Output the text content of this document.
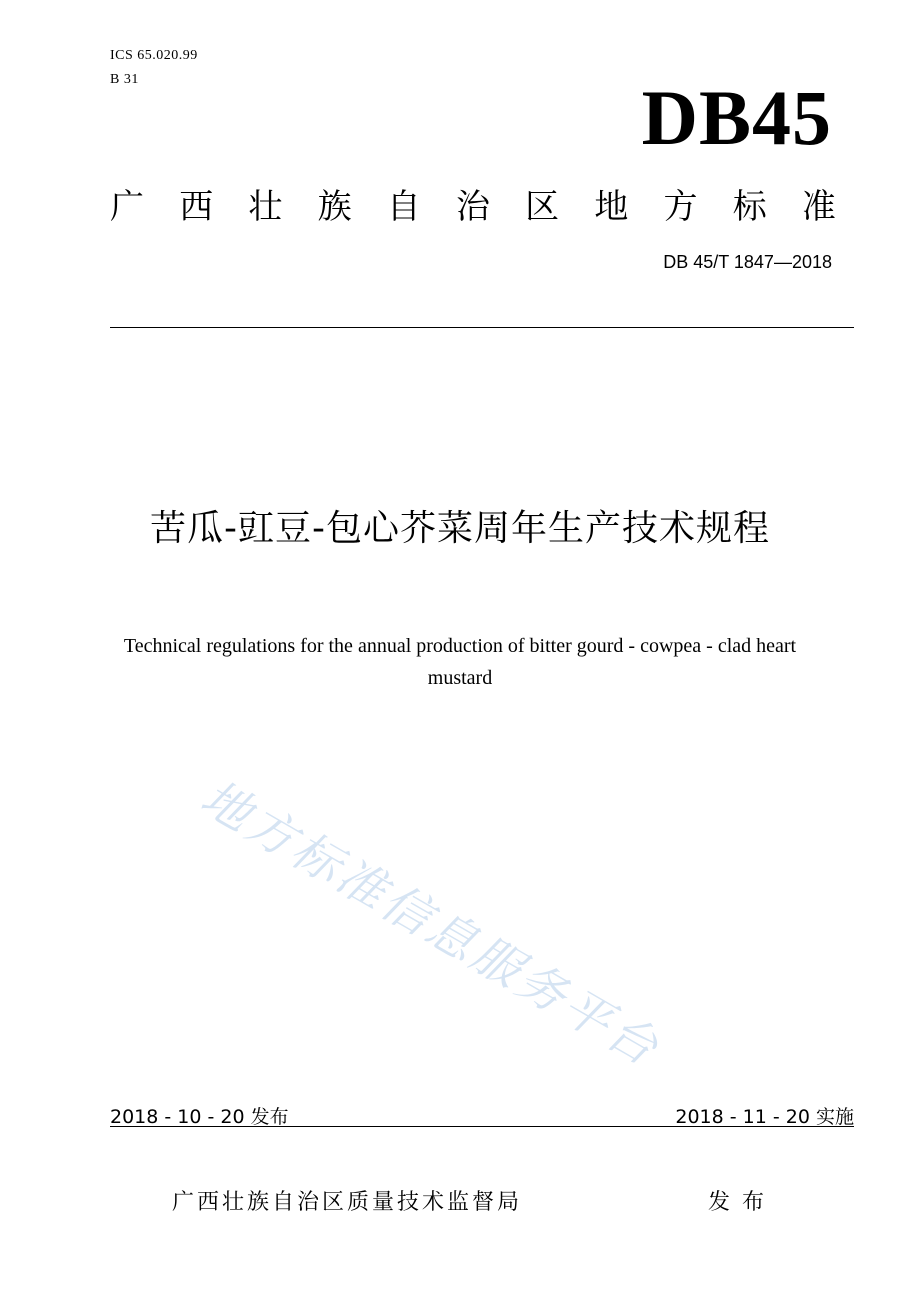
ICS 65.020.99
B 31	DB45
广 西 壮 族 自 治 区 地 方 标 准
DB 45/T 1847—2018
苦瓜-豇豆-包心芥菜周年生产技术规程
Technical regulations for the annual production of bitter gourd - cowpea - clad heart
mustard
地方标准信息服务平台
2018 - 10 - 20 发布	2018 - 11 - 20 实施
广西壮族自治区质量技术监督局	发布
